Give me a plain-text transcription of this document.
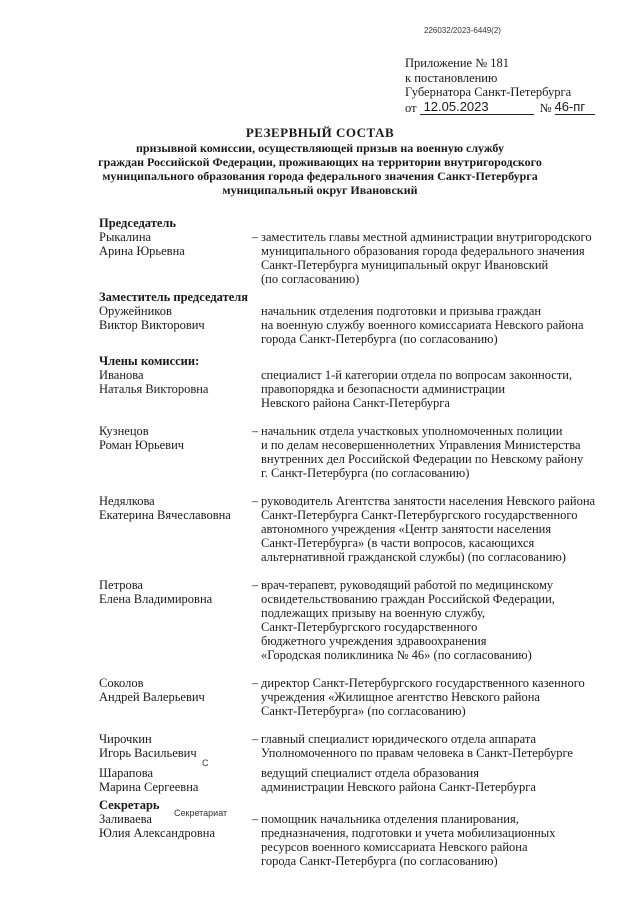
226032/2023-6449(2)
Приложение № 181
к постановлению
Губернатора Санкт-Петербурга
от 12.05.2023	№ 46-пг
РЕЗЕРВНЫЙ СОСТАВ
призывной комиссии, осуществляющей призыв на военную службу
граждан Российской Федерации, проживающих на территории внутригородского
муниципального образования города федерального значения Санкт-Петербурга
муниципальный округ Ивановский
Председатель
Рыкалина
Арина Юрьевна
– заместитель главы местной администрации внутригородского
муниципального образования города федерального значения
Санкт-Петербурга муниципальный округ Ивановский
(по согласованию)
Заместитель председателя
Оружейников
Виктор Викторович
начальник отделения подготовки и призыва граждан
на военную службу военного комиссариата Невского района
города Санкт-Петербурга (по согласованию)
Члены комиссии:
Иванова
Наталья Викторовна
специалист 1-й категории отдела по вопросам законности,
правопорядка и безопасности администрации
Невского района Санкт-Петербурга
Кузнецов
Роман Юрьевич
– начальник отдела участковых уполномоченных полиции
и по делам несовершеннолетних Управления Министерства
внутренних дел Российской Федерации по Невскому району
г. Санкт-Петербурга (по согласованию)
Недялкова
Екатерина Вячеславовна
– руководитель Агентства занятости населения Невского района
Санкт-Петербурга Санкт-Петербургского государственного
автономного учреждения «Центр занятости населения
Санкт-Петербурга» (в части вопросов, касающихся
альтернативной гражданской службы) (по согласованию)
Петрова
Елена Владимировна
– врач-терапевт, руководящий работой по медицинскому
освидетельствованию граждан Российской Федерации,
подлежащих призыву на военную службу,
Санкт-Петербургского государственного
бюджетного учреждения здравоохранения
«Городская поликлиника № 46» (по согласованию)
Соколов
Андрей Валерьевич
– директор Санкт-Петербургского государственного казенного
учреждения «Жилищное агентство Невского района
Санкт-Петербурга» (по согласованию)
Чирочкин
Игорь Васильевич
– главный специалист юридического отдела аппарата
Уполномоченного по правам человека в Санкт-Петербурге
Шарапова
Марина Сергеевна
ведущий специалист отдела образования
администрации Невского района Санкт-Петербурга
Секретарь
Заливаева
Юлия Александровна
– помощник начальника отделения планирования,
предназначения, подготовки и учета мобилизационных
ресурсов военного комиссариата Невского района
города Санкт-Петербурга (по согласованию)
С
Секретариат
